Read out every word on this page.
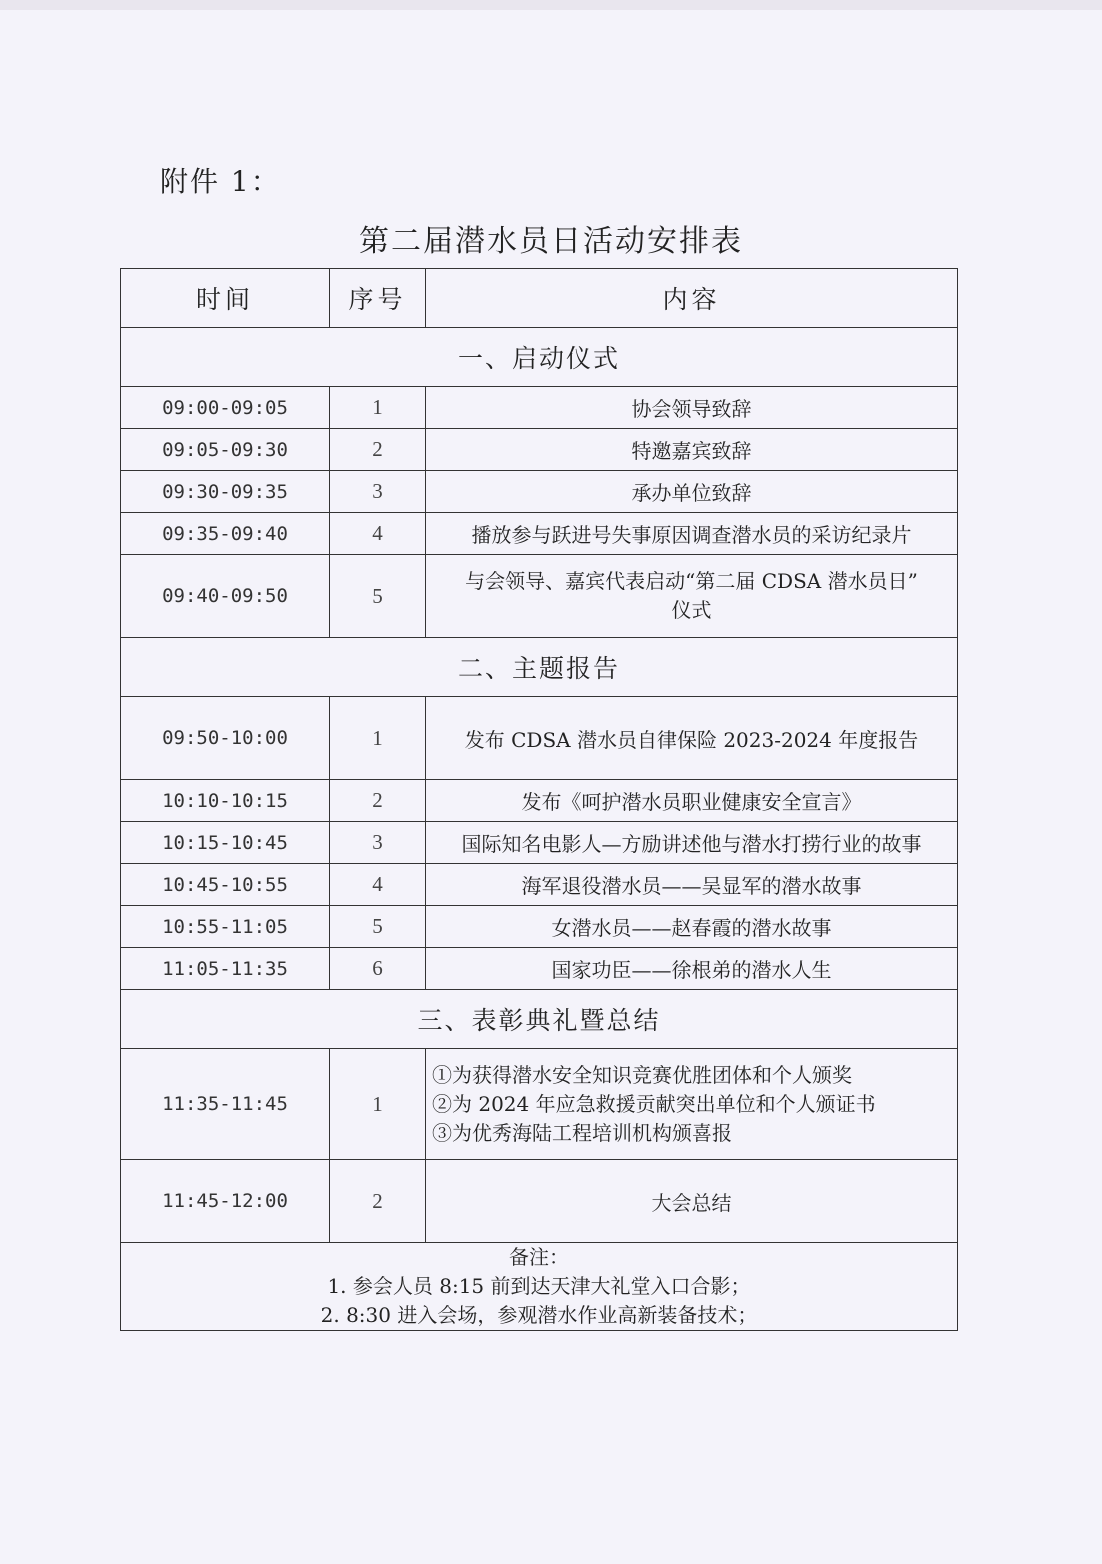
附件 1：
第二届潜水员日活动安排表
时间	序号	内容
一、启动仪式		
09:00-09:05	1	协会领导致辞
09:05-09:30	2	特邀嘉宾致辞
09:30-09:35	3	承办单位致辞
09:35-09:40	4	播放参与跃进号失事原因调查潜水员的采访纪录片
09:40-09:50	5	与会领导、嘉宾代表启动“第二届 CDSA 潜水员日”
仪式

二、主题报告		
09:50-10:00	1	发布 CDSA 潜水员自律保险 2023-2024 年度报告
10:10-10:15	2	发布《呵护潜水员职业健康安全宣言》
10:15-10:45	3	国际知名电影人—方励讲述他与潜水打捞行业的故事
10:45-10:55	4	海军退役潜水员——吴显军的潜水故事
10:55-11:05	5	女潜水员——赵春霞的潜水故事
11:05-11:35	6	国家功臣——徐根弟的潜水人生
三、表彰典礼暨总结		
11:35-11:45	1	①为获得潜水安全知识竞赛优胜团体和个人颁奖
②为 2024 年应急救援贡献突出单位和个人颁证书
③为优秀海陆工程培训机构颁喜报

11:45-12:00	2	大会总结

备注：
1. 参会人员 8:15 前到达天津大礼堂入口合影；
2. 8:30 进入会场，参观潜水作业高新装备技术；		
